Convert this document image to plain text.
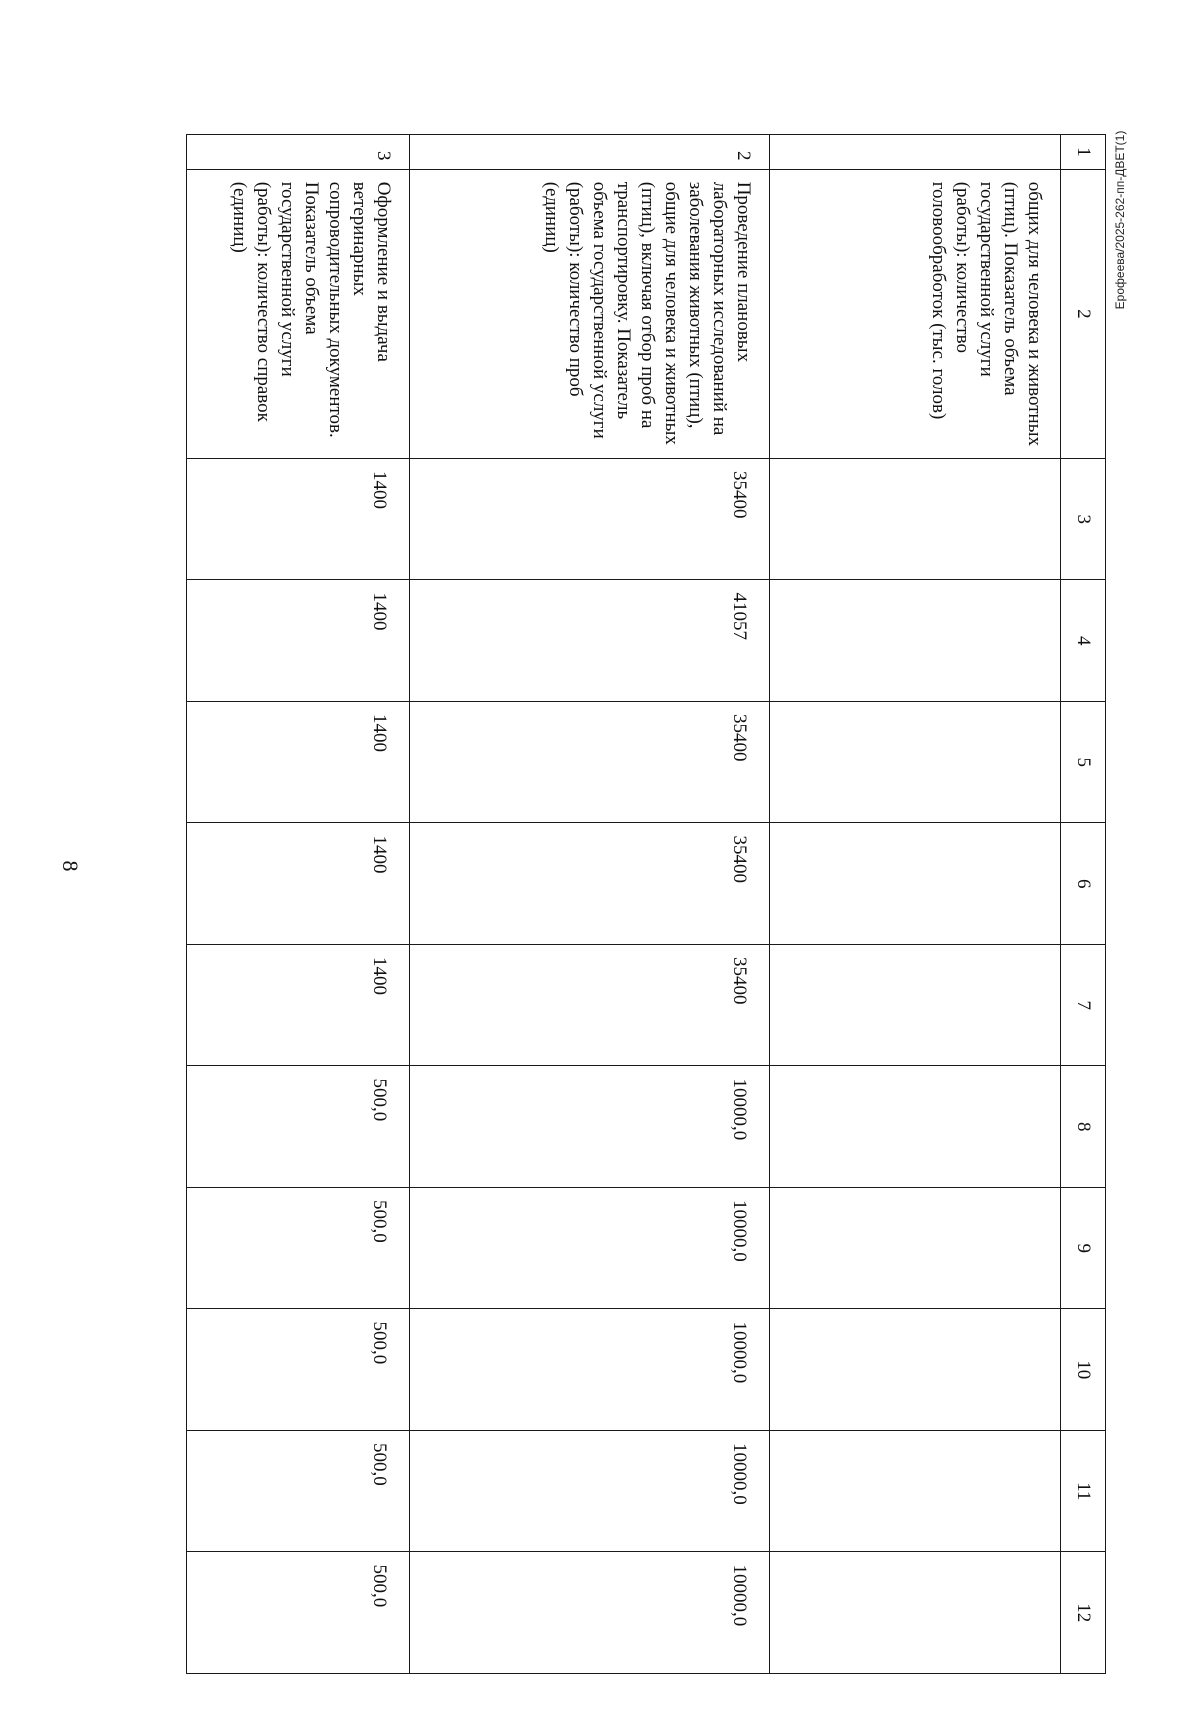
8
Ерофеева/2025-262-пп-ДВЕТ(1)
1	2	3	4	5	6	7	8	9	10	11	12
	общих для человека и животных (птиц). Показатель объема государственной услуги (работы): количество головообработок (тыс. голов)										
2	Проведение плановых лабораторных исследований на заболевания животных (птиц), общие для человека и животных (птиц), включая отбор проб на транспортировку. Показатель объема государственной услуги (работы): количество проб (единиц)	35400	41057	35400	35400	35400	10000,0	10000,0	10000,0	10000,0	10000,0
3	Оформление и выдача ветеринарных сопроводительных документов. Показатель объема государственной услуги (работы): количество справок (единиц)	1400	1400	1400	1400	1400	500,0	500,0	500,0	500,0	500,0
